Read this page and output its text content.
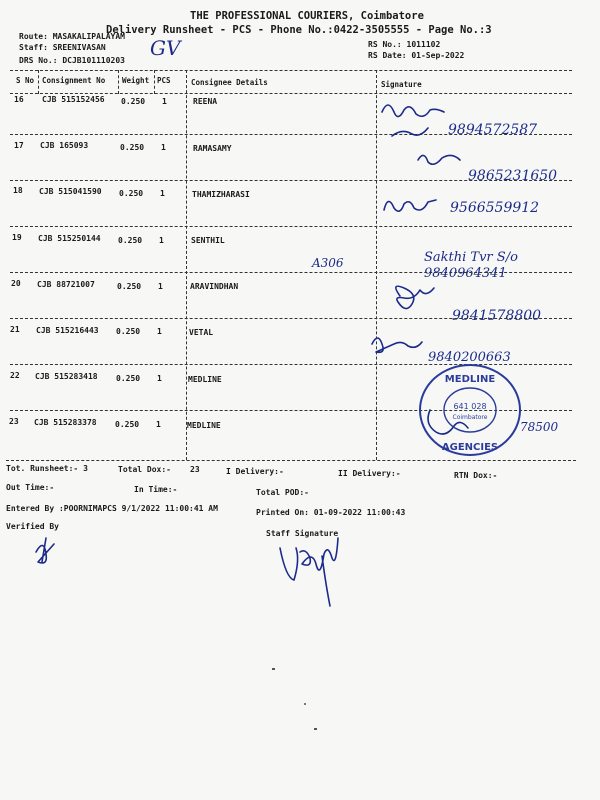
THE PROFESSIONAL COURIERS, Coimbatore
Delivery Runsheet - PCS - Phone No.:0422-3505555 - Page No.:3
Route: MASAKALIPALAYAM
Staff: SREENIVASAN
DRS No.: DCJB101110203
GV	RS No.: 1011102
RS Date: 01-Sep-2022
S No Consignment No Weight PCS	Consignee Details	Signature
16 CJB 515152456 0.250 1	REENA
9894572587
17 CJB 165093	0.250 1	RAMASAMY
9865231650
18 CJB 515041590 0.250 1	THAMIZHARASI
9566559912
19 CJB 515250144 0.250 1	SENTHIL
Sakthi Tvr S/o 9840964341
20 CJB 88721007	0.250 1	ARAVINDHAN
9841578800
21 CJB 515216443 0.250 1	VETAL
9840200663
22 CJB 515283418 0.250 1	MEDLINE
23 CJB 515283378 0.250 1	MEDLINE	78500
A306
MEDLINE
AGENCIES
641 028
Coimbatore
Tot. Runsheet:- 3	Total Dox:- 23	I Delivery:-	II Delivery:-	RTN Dox:-
Out Time:-	In Time:-	Total POD:-
Entered By :POORNIMAPCS 9/1/2022 11:00:41 AM	Printed On: 01-09-2022 11:00:43
Verified By
Staff Signature
